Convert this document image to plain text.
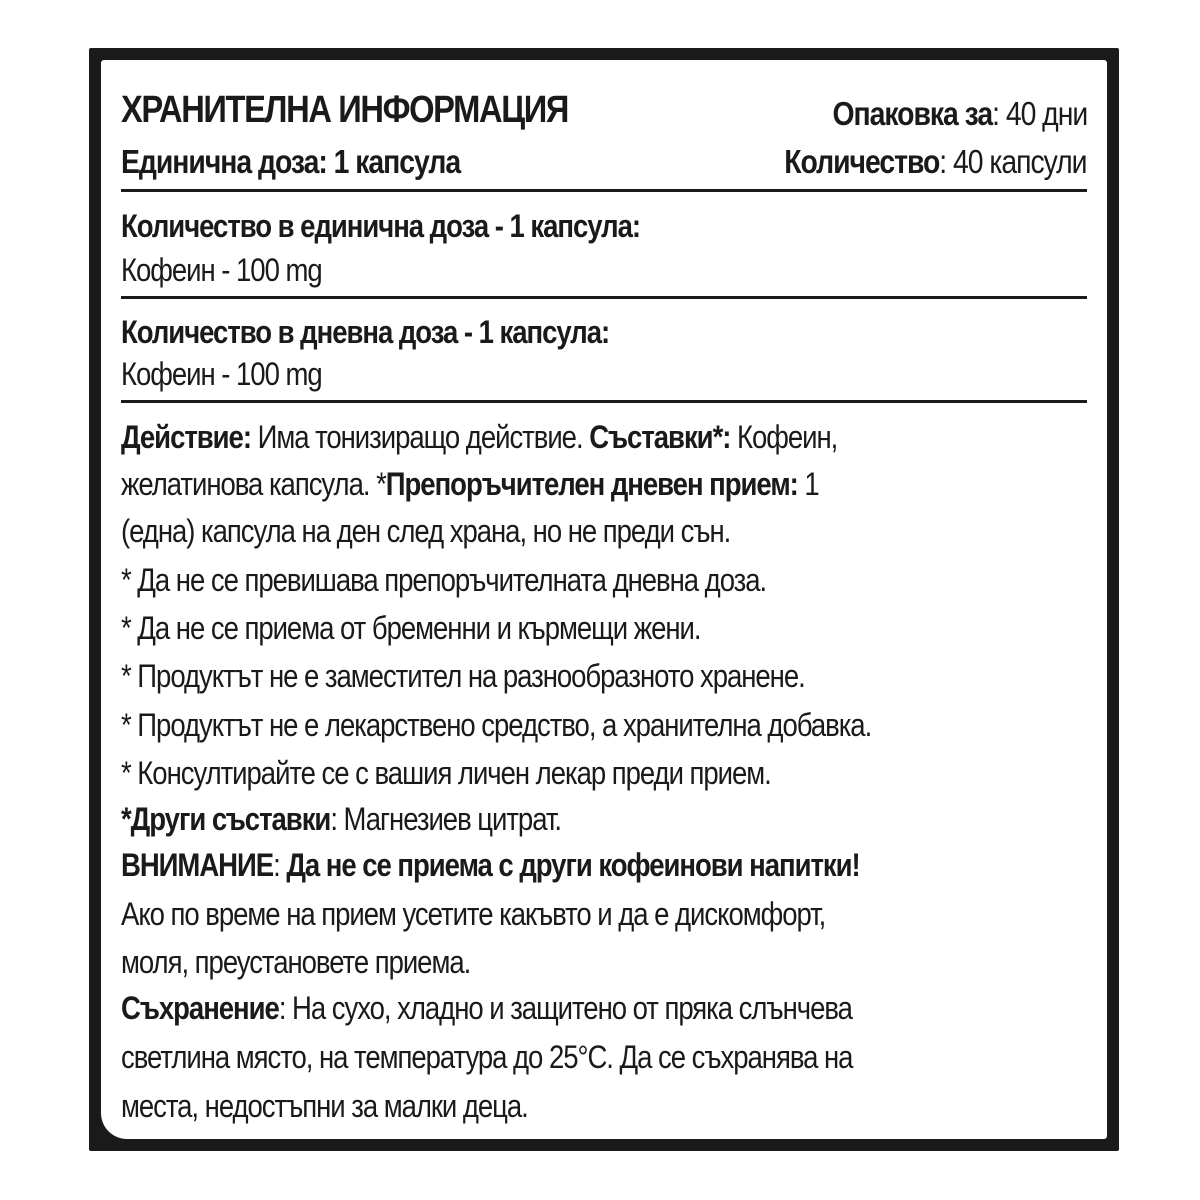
ХРАНИТЕЛНА ИНФОРМАЦИЯ	Опаковка за: 40 дни
Единична доза: 1 капсула	Количество: 40 капсули
Количество в единична доза - 1 капсула:
Кофеин - 100 mg
Количество в дневна доза - 1 капсула:
Кофеин - 100 mg
Действие: Има тонизиращо действие. Съставки*: Кофеин,
желатинова капсула. *Препоръчителен дневен прием: 1
(една) капсула на ден след храна, но не преди сън.
* Да не се превишава препоръчителната дневна доза.
* Да не се приема от бременни и кърмещи жени.
* Продуктът не е заместител на разнообразното хранене.
* Продуктът не е лекарствено средство, а хранителна добавка.
* Консултирайте се с вашия личен лекар преди прием.
*Други съставки: Магнезиев цитрат.
ВНИМАНИЕ: Да не се приема с други кофеинови напитки!
Ако по време на прием усетите какъвто и да е дискомфорт,
моля, преустановете приема.
Съхранение: На сухо, хладно и защитено от пряка слънчева
светлина място, на температура до 25°C. Да се съхранява на
места, недостъпни за малки деца.
